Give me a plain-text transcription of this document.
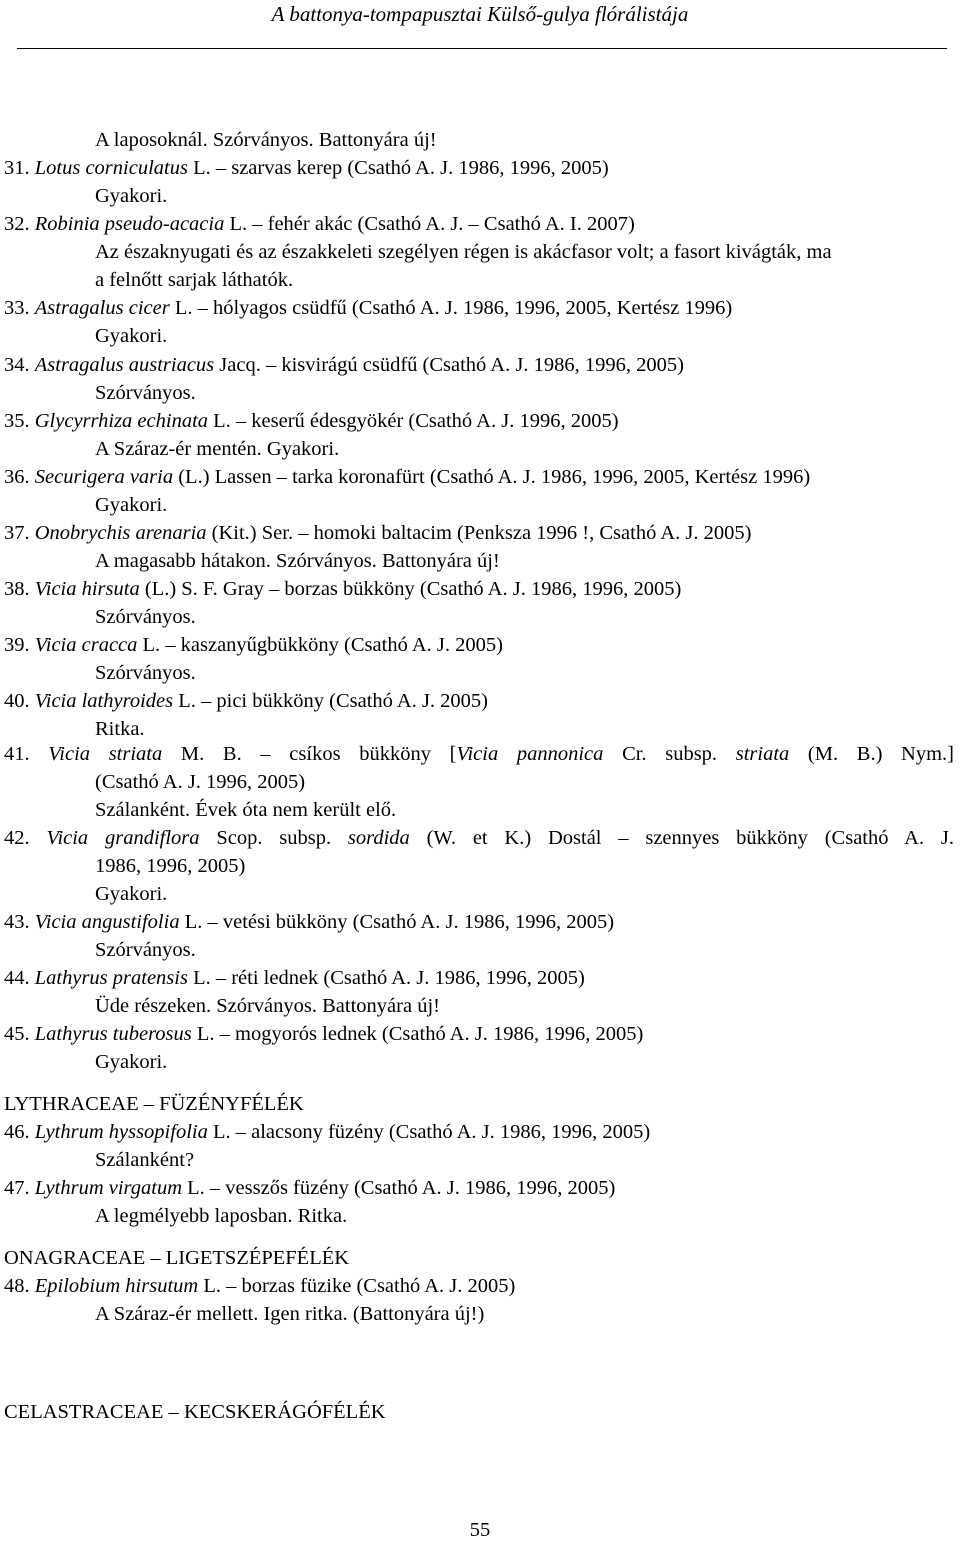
A battonya-tompapusztai Külső-gulya flórálistája
A laposoknál. Szórványos. Battonyára új!
31. Lotus corniculatus L. – szarvas kerep (Csathó A. J. 1986, 1996, 2005)
Gyakori.
32. Robinia pseudo-acacia L. – fehér akác (Csathó A. J. – Csathó A. I. 2007)
Az északnyugati és az északkeleti szegélyen régen is akácfasor volt; a fasort kivágták, ma
a felnőtt sarjak láthatók.
33. Astragalus cicer L. – hólyagos csüdfű (Csathó A. J. 1986, 1996, 2005, Kertész 1996)
Gyakori.
34. Astragalus austriacus Jacq. – kisvirágú csüdfű (Csathó A. J. 1986, 1996, 2005)
Szórványos.
35. Glycyrrhiza echinata L. – keserű édesgyökér (Csathó A. J. 1996, 2005)
A Száraz-ér mentén. Gyakori.
36. Securigera varia (L.) Lassen – tarka koronafürt (Csathó A. J. 1986, 1996, 2005, Kertész 1996)
Gyakori.
37. Onobrychis arenaria (Kit.) Ser. – homoki baltacim (Penksza 1996 !, Csathó A. J. 2005)
A magasabb hátakon. Szórványos. Battonyára új!
38. Vicia hirsuta (L.) S. F. Gray – borzas bükköny (Csathó A. J. 1986, 1996, 2005)
Szórványos.
39. Vicia cracca L. – kaszanyűgbükköny (Csathó A. J. 2005)
Szórványos.
40. Vicia lathyroides L. – pici bükköny (Csathó A. J. 2005)
Ritka.
41. Vicia striata M. B. – csíkos bükköny [Vicia pannonica Cr. subsp. striata (M. B.) Nym.]
(Csathó A. J. 1996, 2005)
Szálanként. Évek óta nem került elő.
42. Vicia grandiflora Scop. subsp. sordida (W. et K.) Dostál – szennyes bükköny (Csathó A. J.
1986, 1996, 2005)
Gyakori.
43. Vicia angustifolia L. – vetési bükköny (Csathó A. J. 1986, 1996, 2005)
Szórványos.
44. Lathyrus pratensis L. – réti lednek (Csathó A. J. 1986, 1996, 2005)
Üde részeken. Szórványos. Battonyára új!
45. Lathyrus tuberosus L. – mogyorós lednek (Csathó A. J. 1986, 1996, 2005)
Gyakori.
LYTHRACEAE – FÜZÉNYFÉLÉK
46. Lythrum hyssopifolia L. – alacsony füzény (Csathó A. J. 1986, 1996, 2005)
Szálanként?
47. Lythrum virgatum L. – vesszős füzény (Csathó A. J. 1986, 1996, 2005)
A legmélyebb laposban. Ritka.
ONAGRACEAE – LIGETSZÉPEFÉLÉK
48. Epilobium hirsutum L. – borzas füzike (Csathó A. J. 2005)
A Száraz-ér mellett. Igen ritka. (Battonyára új!)
CELASTRACEAE – KECSKERÁGÓFÉLÉK
55
